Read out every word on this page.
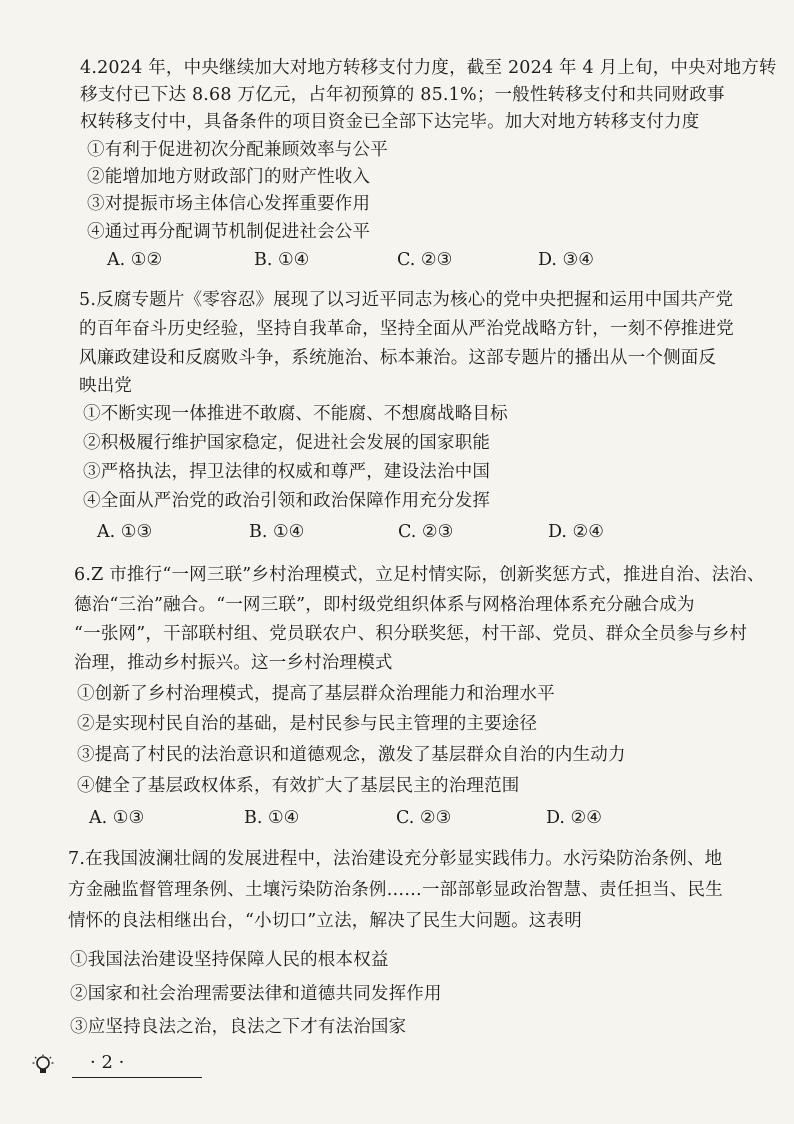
4.2024 年，中央继续加大对地方转移支付力度，截至 2024 年 4 月上旬，中央对地方转
移支付已下达 8.68 万亿元，占年初预算的 85.1%；一般性转移支付和共同财政事
权转移支付中，具备条件的项目资金已全部下达完毕。加大对地方转移支付力度
①有利于促进初次分配兼顾效率与公平
②能增加地方财政部门的财产性收入
③对提振市场主体信心发挥重要作用
④通过再分配调节机制促进社会公平
A. ①②	B. ①④	C. ②③	D. ③④
5.反腐专题片《零容忍》展现了以习近平同志为核心的党中央把握和运用中国共产党
的百年奋斗历史经验，坚持自我革命，坚持全面从严治党战略方针，一刻不停推进党
风廉政建设和反腐败斗争，系统施治、标本兼治。这部专题片的播出从一个侧面反
映出党
①不断实现一体推进不敢腐、不能腐、不想腐战略目标
②积极履行维护国家稳定，促进社会发展的国家职能
③严格执法，捍卫法律的权威和尊严，建设法治中国
④全面从严治党的政治引领和政治保障作用充分发挥
A. ①③	B. ①④	C. ②③	D. ②④
6.Z 市推行“一网三联”乡村治理模式，立足村情实际，创新奖惩方式，推进自治、法治、
德治“三治”融合。“一网三联”，即村级党组织体系与网格治理体系充分融合成为
“一张网”，干部联村组、党员联农户、积分联奖惩，村干部、党员、群众全员参与乡村
治理，推动乡村振兴。这一乡村治理模式
①创新了乡村治理模式，提高了基层群众治理能力和治理水平
②是实现村民自治的基础，是村民参与民主管理的主要途径
③提高了村民的法治意识和道德观念，激发了基层群众自治的内生动力
④健全了基层政权体系，有效扩大了基层民主的治理范围
A. ①③	B. ①④	C. ②③	D. ②④
7.在我国波澜壮阔的发展进程中，法治建设充分彰显实践伟力。水污染防治条例、地
方金融监督管理条例、土壤污染防治条例……一部部彰显政治智慧、责任担当、民生
情怀的良法相继出台，“小切口”立法，解决了民生大问题。这表明
①我国法治建设坚持保障人民的根本权益
②国家和社会治理需要法律和道德共同发挥作用
③应坚持良法之治，良法之下才有法治国家
· 2 ·
